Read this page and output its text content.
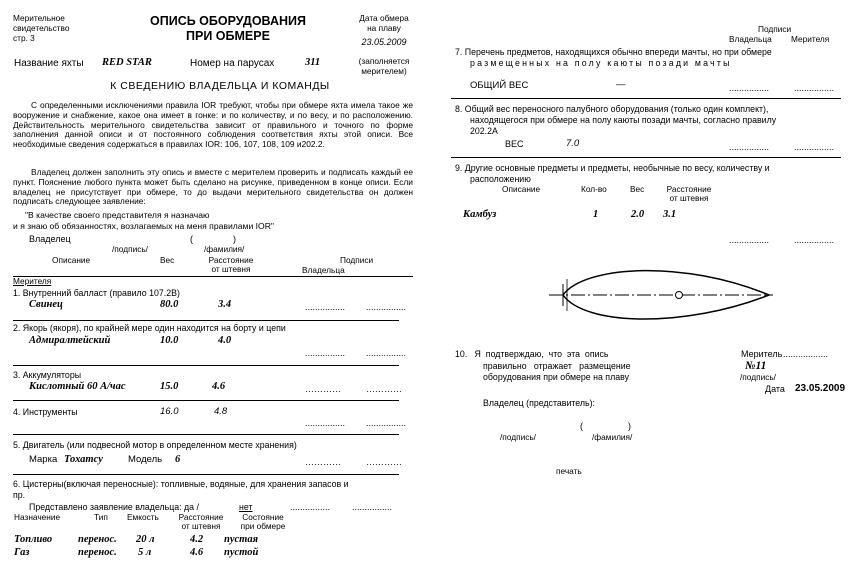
Мерительное
свидетельство
стр. 3
ОПИСЬ ОБОРУДОВАНИЯ
ПРИ ОБМЕРЕ
Дата обмера
на плаву
23.05.2009
Название яхты RED STAR	Номер на парусах	311	(заполняется
мерителем)
К СВЕДЕНИЮ ВЛАДЕЛЬЦА И КОМАНДЫ
С определенными исключениями правила IOR требуют, чтобы при обмере яхта имела такое же вооружение и снабжение, какое она имеет в гонке: и по количеству, и по весу, и по расположению. Действительность мерительного свидетельства зависит от правильного и точного по форме заполнения данной описи и от постоянного соблюдения соответствия яхты этой описи. Все необходимые сведения содержаться в правилах IOR: 106, 107, 108, 109 и202.2.
Владелец должен заполнить эту опись и вместе с мерителем проверить и подписать каждый ее пункт. Пояснение любого пункта может быть сделано на рисунке, приведенном в конце описи. Если владелец не присутствует при обмере, то до выдачи мерительного свидетельства он должен подписать следующее заявление:
"В качестве своего представителя я назначаю
и я знаю об обязанностях, возлагаемых на меня правилами IOR"
Владелец	(                )
/подпись/	/фамилия/
Описание	Вес	Расстояние
от штевня
Подписи
Владельца
Мерителя
1. Внутренний балласт (правило 107.2В)
Свинец	80.0	3.4	................ ................
2. Якорь (якоря), по крайней мере один находится на борту и цепи
Адмиралтейский	10.0	4.0
................ ................
3. Аккумуляторы
Кислотный 60 А/час	15.0	4.6	…………	…………
4. Инструменты	16.0	4.8
................ ................
5. Двигатель (или подвесной мотор в определенном месте хранения)
Марка Тохатсу	Модель 6	…………	…………
6. Цистерны(включая переносные): топливные, водяные, для хранения запасов и
пр.
Представлено заявление владельца: да /	нет	................ ................
Назначение	Тип Емкость	Расстояние
от штевня
Состояние
при обмере
Топливо перенос. 20 л	4.2 пустая
Газ	перенос. 5 л	4.6 пустой
Подписи
Владельца Мерителя
7. Перечень предметов, находящихся обычно впереди мачты, но при обмере
размещенных на полу каюты позади мачты
ОБЩИЙ ВЕС	—	................	................
8. Общий вес переносного палубного оборудования (только один комплект),
находящегося при обмере на полу каюты позади мачты, согласно правилу
202.2А
ВЕС	7.0	................	................
9. Другие основные предметы и предметы, необычные по весу, количеству и
расположению
Описание	Кол-во	Вес	Расстояние
от штевня
Камбуз	1	2.0 3.1
................	................
10.   Я  подтверждаю,  что  эта  опись
правильно   отражает   размещение
оборудования при обмере на плаву
Меритель ..................
№11
/подпись/
Дата 23.05.2009
Владелец (представитель):
(                  )
/подпись/	/фамилия/
печать
